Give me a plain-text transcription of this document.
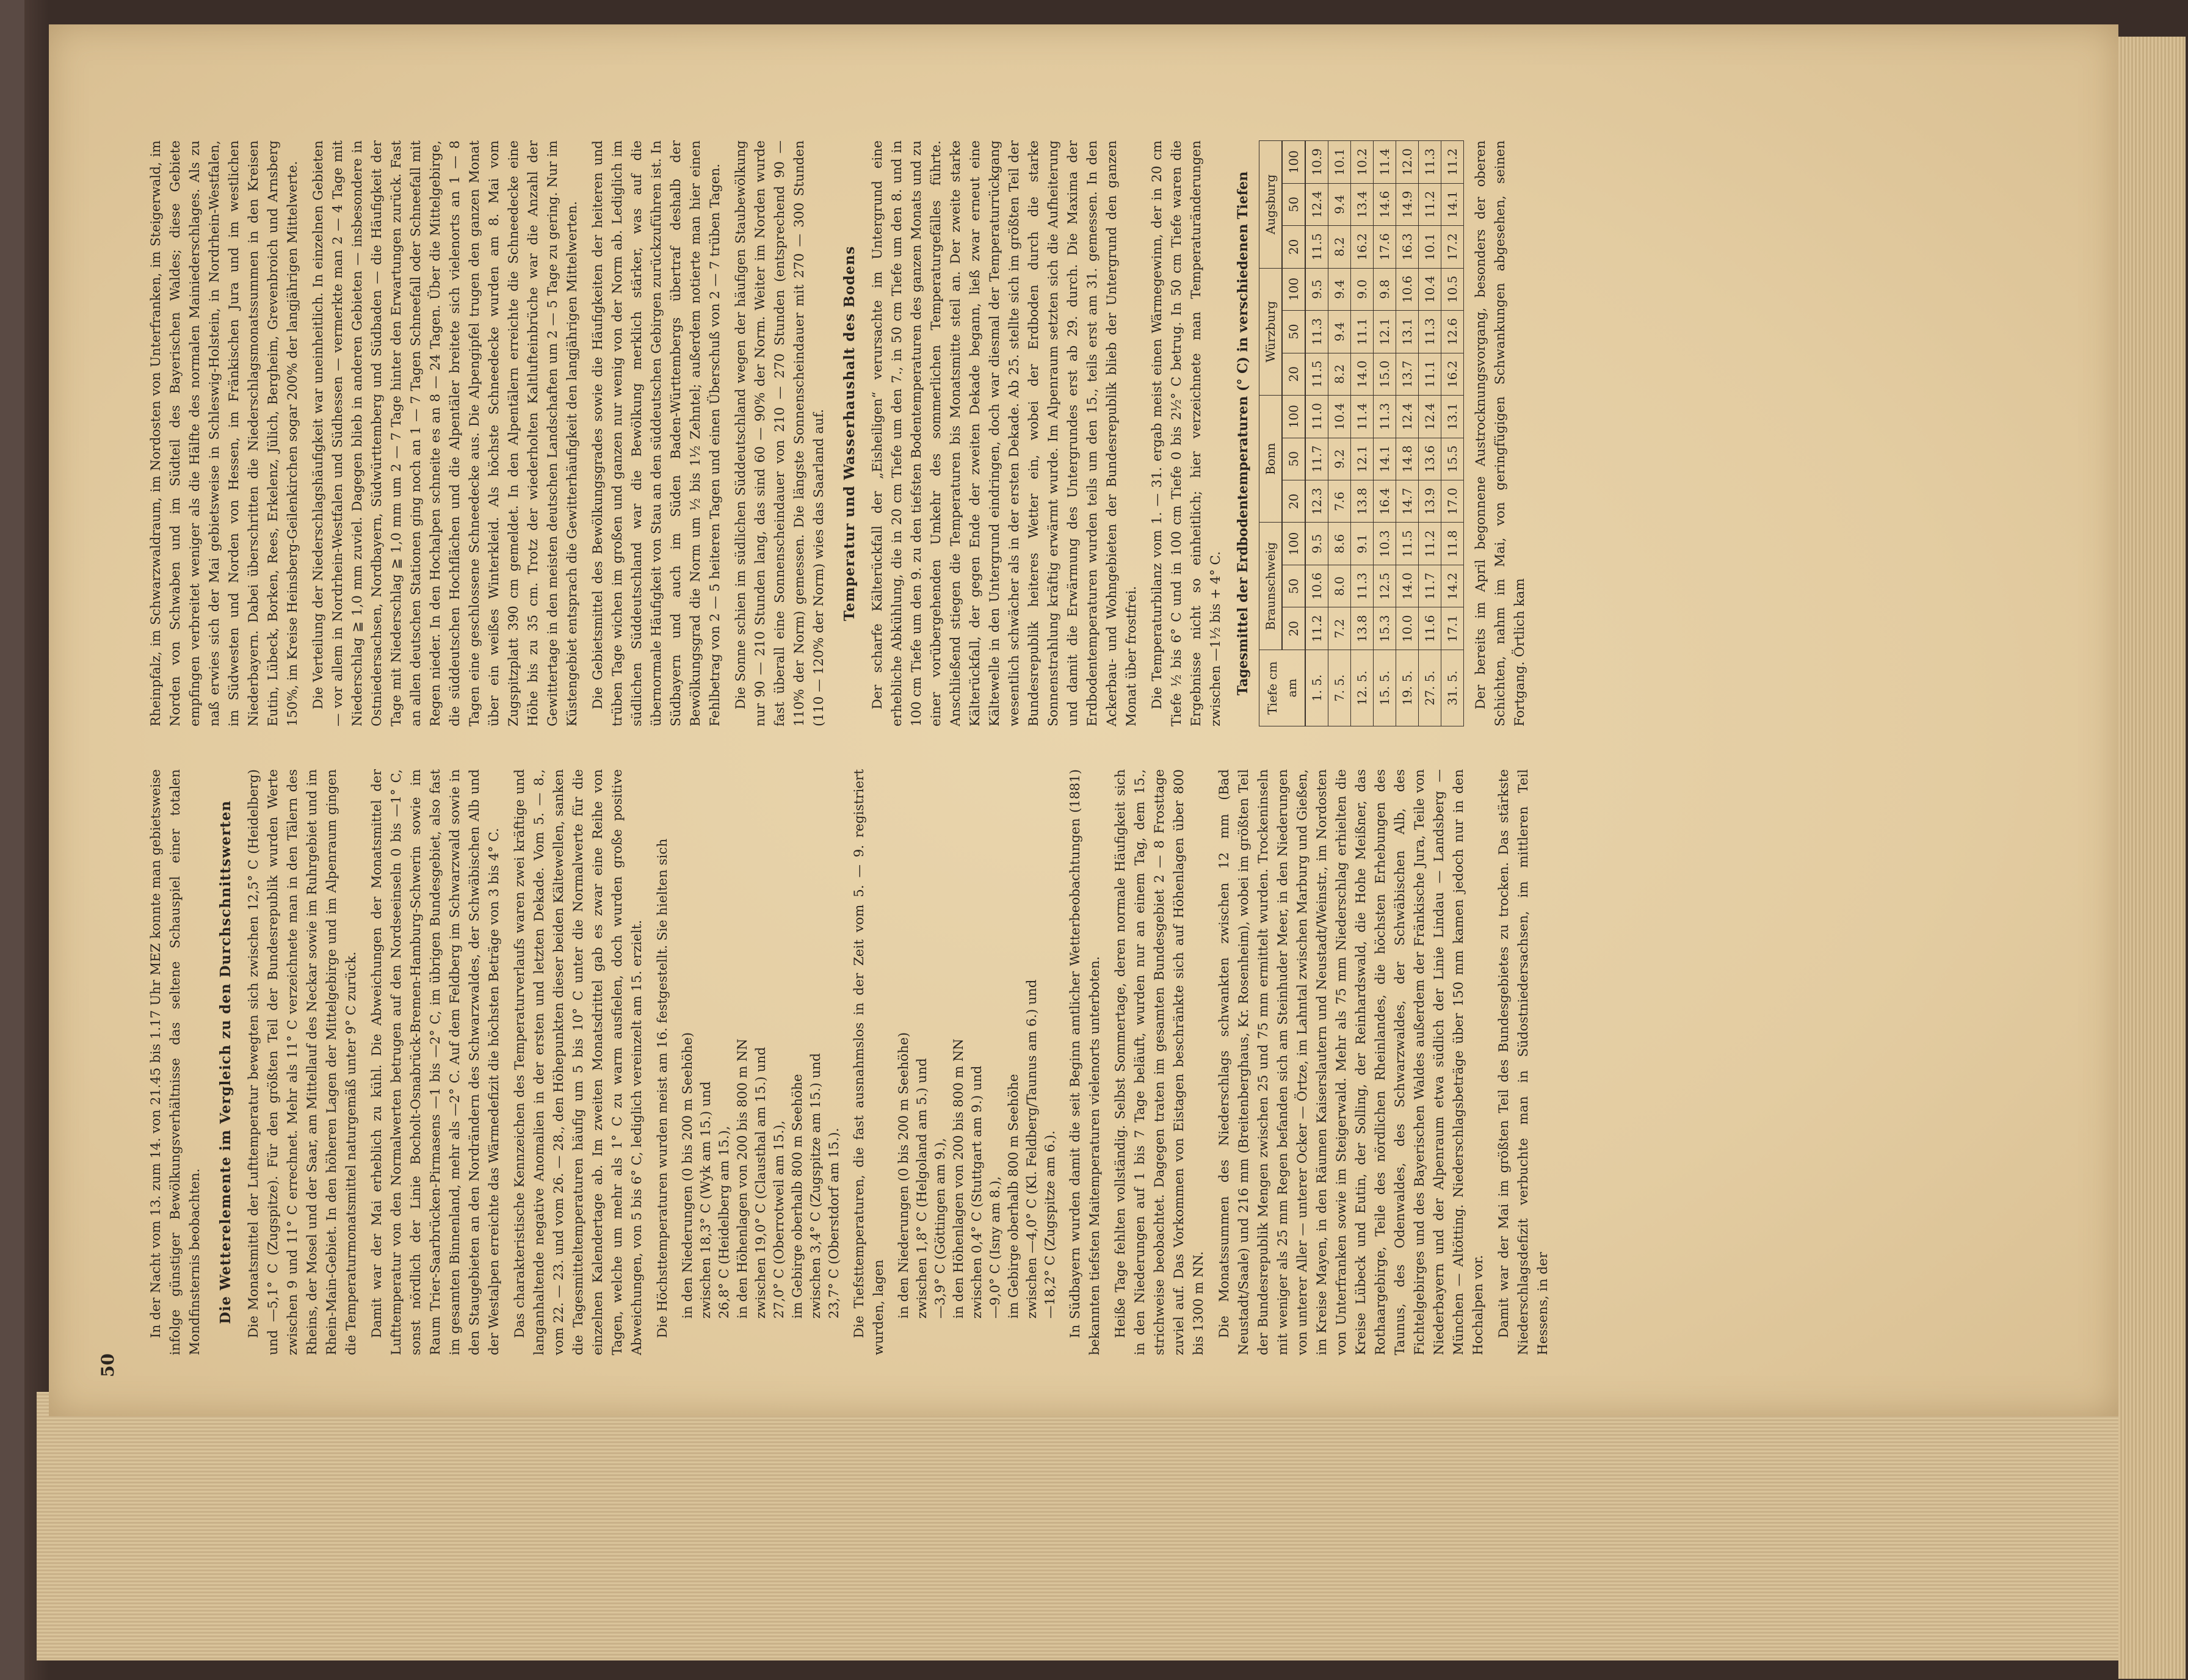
In der Nacht vom 13. zum 14. von 21.45 bis 1.17 Uhr MEZ konnte man gebietsweise infolge günstiger Bewölkungsverhältnisse das seltene Schauspiel einer totalen Mondfinsternis beobachten. Die Wetterelemente im Vergleich zu den Durchschnittswerten Die Monatsmittel der Lufttemperatur bewegten sich zwischen 12,5° C (Heidelberg) und —5,1° C (Zugspitze). Für den größten Teil der Bundesrepublik wurden Werte zwischen 9 und 11° C errechnet. Mehr als 11° C verzeichnete man in den Tälern des Rheins, der Mosel und der Saar, am Mittellauf des Neckar sowie im Ruhrgebiet und im Rhein-Main-Gebiet. In den höheren Lagen der Mittelgebirge und im Alpenraum gingen die Temperaturmonatsmittel naturgemäß unter 9° C zurück. Damit war der Mai erheblich zu kühl. Die Abweichungen der Monatsmittel der Lufttemperatur von den Normalwerten betrugen auf den Nordseeinseln 0 bis —1° C, sonst nördlich der Linie Bocholt-Osnabrück-Bremen-Hamburg-Schwerin sowie im Raum Trier-Saarbrücken-Pirmasens —1 bis —2° C, im übrigen Bundesgebiet, also fast im gesamten Binnenland, mehr als —2° C. Auf dem Feldberg im Schwarzwald sowie in den Staugebieten an den Nordrändern des Schwarzwaldes, der Schwäbischen Alb und der Westalpen erreichte das Wärmedefizit die höchsten Beträge von 3 bis 4° C. Das charakteristische Kennzeichen des Temperaturverlaufs waren zwei kräftige und langanhaltende negative Anomalien in der ersten und letzten Dekade. Vom 5. — 8., vom 22. — 23. und vom 26. — 28., den Höhepunkten dieser beiden Kältewellen, sanken die Tagesmitteltemperaturen häufig um 5 bis 10° C unter die Normalwerte für die einzelnen Kalendertage ab. Im zweiten Monatsdrittel gab es zwar eine Reihe von Tagen, welche um mehr als 1° C zu warm ausfielen, doch wurden große positive Abweichungen, von 5 bis 6° C, lediglich vereinzelt am 15. erzielt. Die Höchsttemperaturen wurden meist am 16. festgestellt. Sie hielten sich in den Niederungen (0 bis 200 m Seehöhe) zwischen 18,3° C (Wyk am 15.) und 26,8° C (Heidelberg am 15.), in den Höhenlagen von 200 bis 800 m NN zwischen 19,0° C (Clausthal am 15.) und 27,0° C (Oberrotweil am 15.), im Gebirge oberhalb 800 m Seehöhe zwischen 3,4° C (Zugspitze am 15.) und 23,7° C (Oberstdorf am 15.). Die Tiefsttemperaturen, die fast ausnahmslos in der Zeit vom 5. — 9. registriert wurden, lagen in den Niederungen (0 bis 200 m Seehöhe) zwischen 1,8° C (Helgoland am 5.) und —3,9° C (Göttingen am 9.), in den Höhenlagen von 200 bis 800 m NN zwischen 0,4° C (Stuttgart am 9.) und —9,0° C (Isny am 8.), im Gebirge oberhalb 800 m Seehöhe zwischen —4,0° C (Kl. Feldberg/Taunus am 6.) und —18,2° C (Zugspitze am 6.). In Südbayern wurden damit die seit Beginn amtlicher Wetterbeobachtungen (1881) bekannten tiefsten Maitemperaturen vielenorts unterboten. Heiße Tage fehlten vollständig. Selbst Sommertage, deren normale Häufigkeit sich in den Niederungen auf 1 bis 7 Tage beläuft, wurden nur an einem Tag, dem 15., strichweise beobachtet. Dagegen traten im gesamten Bundesgebiet 2 — 8 Frosttage zuviel auf. Das Vorkommen von Eistagen beschränkte sich auf Höhenlagen über 800 bis 1300 m NN. Die Monatssummen des Niederschlags schwankten zwischen 12 mm (Bad Neustadt/Saale) und 216 mm (Breitenberghaus, Kr. Rosenheim), wobei im größten Teil der Bundesrepublik Mengen zwischen 25 und 75 mm ermittelt wurden. Trockeninseln mit weniger als 25 mm Regen befanden sich am Steinhuder Meer, in den Niederungen von unterer Aller — unterer Ocker — Örtze, im Lahntal zwischen Marburg und Gießen, im Kreise Mayen, in den Räumen Kaiserslautern und Neustadt/Weinstr., im Nordosten von Unterfranken sowie im Steigerwald. Mehr als 75 mm Niederschlag erhielten die Kreise Lübeck und Eutin, der Solling, der Reinhardswald, die Hohe Meißner, das Rothaargebirge, Teile des nördlichen Rheinlandes, die höchsten Erhebungen des Taunus, des Odenwaldes, des Schwarzwaldes, der Schwäbischen Alb, des Fichtelgebirges und des Bayerischen Waldes außerdem der Fränkische Jura, Teile von Niederbayern und der Alpenraum etwa südlich der Linie Lindau — Landsberg — München — Altötting. Niederschlagsbeträge über 150 mm kamen jedoch nur in den Hochalpen vor. Damit war der Mai im größten Teil des Bundesgebietes zu trocken. Das stärkste Niederschlagsdefizit verbuchte man in Südostniedersachsen, im mittleren Teil Hessens, in der

Rheinpfalz, im Schwarzwaldraum, im Nordosten von Unterfranken, im Steigerwald, im Norden von Schwaben und im Südteil des Bayerischen Waldes; diese Gebiete empfingen verbreitet weniger als die Hälfte des normalen Mainiederschlages. Als zu naß erwies sich der Mai gebietsweise in Schleswig-Holstein, in Nordrhein-Westfalen, im Südwesten und Norden von Hessen, im Fränkischen Jura und im westlichen Niederbayern. Dabei überschritten die Niederschlagsmonatssummen in den Kreisen Eutin, Lübeck, Borken, Rees, Erkelenz, Jülich, Bergheim, Grevenbroich und Arnsberg 150%, im Kreise Heinsberg-Geilenkirchen sogar 200% der langjährigen Mittelwerte. Die Verteilung der Niederschlagshäufigkeit war uneinheitlich. In einzelnen Gebieten — vor allem in Nordrhein-Westfalen und Südhessen — vermerkte man 2 — 4 Tage mit Niederschlag ≧ 1,0 mm zuviel. Dagegen blieb in anderen Gebieten — insbesondere in Ostniedersachsen, Nordbayern, Südwürttemberg und Südbaden — die Häufigkeit der Tage mit Niederschlag ≧ 1,0 mm um 2 — 7 Tage hinter den Erwartungen zurück. Fast an allen deutschen Stationen ging noch an 1 — 7 Tagen Schneefall oder Schneefall mit Regen nieder. In den Hochalpen schneite es an 8 — 24 Tagen. Über die Mittelgebirge, die süddeutschen Hochflächen und die Alpentäler breitete sich vielenorts an 1 — 8 Tagen eine geschlossene Schneedecke aus. Die Alpengipfel trugen den ganzen Monat über ein weißes Winterkleid. Als höchste Schneedecke wurden am 8. Mai vom Zugspitzplatt 390 cm gemeldet. In den Alpentälern erreichte die Schneedecke eine Höhe bis zu 35 cm. Trotz der wiederholten Kaltlufteinbrüche war die Anzahl der Gewittertage in den meisten deutschen Landschaften um 2 — 5 Tage zu gering. Nur im Küstengebiet entsprach die Gewitterhäufigkeit den langjährigen Mittelwerten. Die Gebietsmittel des Bewölkungsgrades sowie die Häufigkeiten der heiteren und trüben Tage wichen im großen und ganzen nur wenig von der Norm ab. Lediglich im südlichen Süddeutschland war die Bewölkung merklich stärker, was auf die übernormale Häufigkeit von Stau an den süddeutschen Gebirgen zurückzuführen ist. In Südbayern und auch im Süden Baden-Württembergs übertraf deshalb der Bewölkungsgrad die Norm um ½ bis 1½ Zehntel; außerdem notierte man hier einen Fehlbetrag von 2 — 5 heiteren Tagen und einen Überschuß von 2 — 7 trüben Tagen. Die Sonne schien im südlichen Süddeutschland wegen der häufigen Staubewölkung nur 90 — 210 Stunden lang, das sind 60 — 90% der Norm. Weiter im Norden wurde fast überall eine Sonnenscheindauer von 210 — 270 Stunden (entsprechend 90 — 110% der Norm) gemessen. Die längste Sonnenscheindauer mit 270 — 300 Stunden (110 — 120% der Norm) wies das Saarland auf. Temperatur und Wasserhaushalt des Bodens Der scharfe Kälterückfall der „Eisheiligen“ verursachte im Untergrund eine erhebliche Abkühlung, die in 20 cm Tiefe um den 7., in 50 cm Tiefe um den 8. und in 100 cm Tiefe um den 9. zu den tiefsten Bodentemperaturen des ganzen Monats und zu einer vorübergehenden Umkehr des sommerlichen Temperaturgefälles führte. Anschließend stiegen die Temperaturen bis Monatsmitte steil an. Der zweite starke Kälterückfall, der gegen Ende der zweiten Dekade begann, ließ zwar erneut eine Kältewelle in den Untergrund eindringen, doch war diesmal der Temperaturrückgang wesentlich schwächer als in der ersten Dekade. Ab 25. stellte sich im größten Teil der Bundesrepublik heiteres Wetter ein, wobei der Erdboden durch die starke Sonnenstrahlung kräftig erwärmt wurde. Im Alpenraum setzten sich die Aufheiterung und damit die Erwärmung des Untergrundes erst ab 29. durch. Die Maxima der Erdbodentemperaturen wurden teils um den 15., teils erst am 31. gemessen. In den Ackerbau- und Wohngebieten der Bundesrepublik blieb der Untergrund den ganzen Monat über frostfrei. Die Temperaturbilanz vom 1. — 31. ergab meist einen Wärmegewinn, der in 20 cm Tiefe ½ bis 6° C und in 100 cm Tiefe 0 bis 2½° C betrug. In 50 cm Tiefe waren die Ergebnisse nicht so einheitlich; hier verzeichnete man Temperaturänderungen zwischen —1½ bis + 4° C. Tagesmittel der Erdbodentemperaturen (° C) in verschiedenen Tiefen
Tiefe cm
am	Braunschweig			Bonn			Würzburg			Augsburg		
	20	50	100	20	50	100	20	50	100	20	50	100
1. 5.	11.2	10.6	9.5	12.3	11.7	11.0	11.5	11.3	9.5	11.5	12.4	10.9
7. 5.	7.2	8.0	8.6	7.6	9.2	10.4	8.2	9.4	9.4	8.2	9.4	10.1
12. 5.	13.8	11.3	9.1	13.8	12.1	11.4	14.0	11.1	9.0	16.2	13.4	10.2
15. 5.	15.3	12.5	10.3	16.4	14.1	11.3	15.0	12.1	9.8	17.6	14.6	11.4
19. 5.	10.0	14.0	11.5	14.7	14.8	12.4	13.7	13.1	10.6	16.3	14.9	12.0
27. 5.	11.6	11.7	11.2	13.9	13.6	12.4	11.1	11.3	10.4	10.1	11.2	11.3
31. 5.	17.1	14.2	11.8	17.0	15.5	13.1	16.2	12.6	10.5	17.2	14.1	11.2 Der bereits im April begonnene Austrocknungsvorgang, besonders der oberen Schichten, nahm im Mai, von geringfügigen Schwankungen abgesehen, seinen Fortgang. Örtlich kam

50
